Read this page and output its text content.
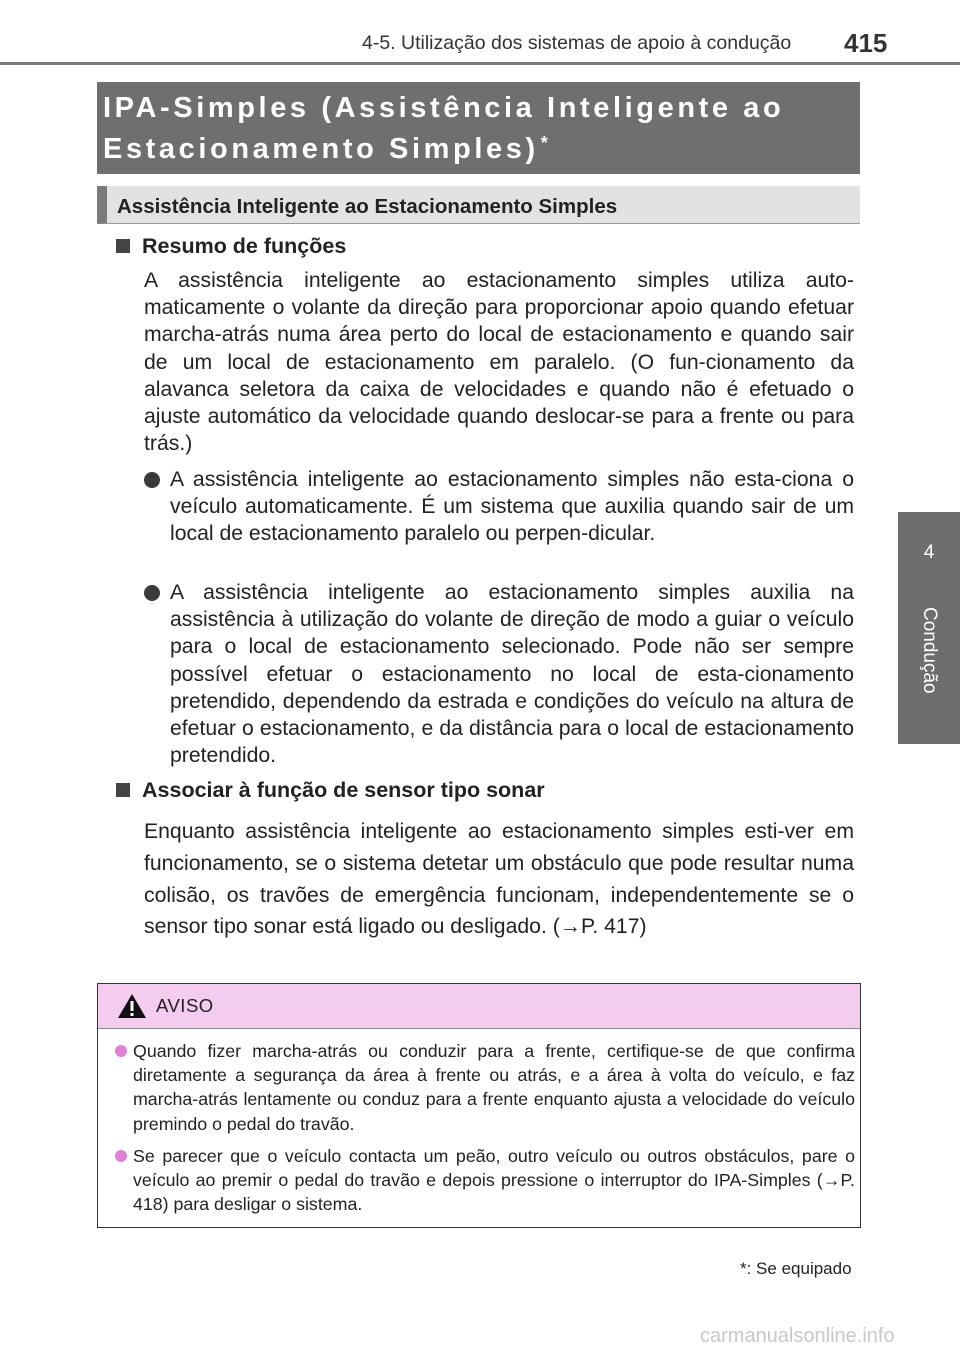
4-5. Utilização dos sistemas de apoio à condução 415
4
Condução
IPA-Simples (Assistência Inteligente ao
Estacionamento Simples) *
Assistência Inteligente ao Estacionamento Simples
Resumo de funções
A assistência inteligente ao estacionamento simples utiliza auto-maticamente o volante da direção para proporcionar apoio quando efetuar marcha-atrás numa área perto do local de estacionamento e quando sair de um local de estacionamento em paralelo. (O fun-cionamento da alavanca seletora da caixa de velocidades e quando não é efetuado o ajuste automático da velocidade quando deslocar-se para a frente ou para trás.)
A assistência inteligente ao estacionamento simples não esta-ciona o veículo automaticamente. É um sistema que auxilia quando sair de um local de estacionamento paralelo ou perpen-dicular.
A assistência inteligente ao estacionamento simples auxilia na assistência à utilização do volante de direção de modo a guiar o veículo para o local de estacionamento selecionado. Pode não ser sempre possível efetuar o estacionamento no local de esta-cionamento pretendido, dependendo da estrada e condições do veículo na altura de efetuar o estacionamento, e da distância para o local de estacionamento pretendido.
Associar à função de sensor tipo sonar
Enquanto assistência inteligente ao estacionamento simples esti-ver em funcionamento, se o sistema detetar um obstáculo que pode resultar numa colisão, os travões de emergência funcionam, independentemente se o sensor tipo sonar está ligado ou desligado. (→P. 417)
AVISO
Quando fizer marcha-atrás ou conduzir para a frente, certifique-se de que confirma diretamente a segurança da área à frente ou atrás, e a área à volta do veículo, e faz marcha-atrás lentamente ou conduz para a frente enquanto ajusta a velocidade do veículo premindo o pedal do travão.
Se parecer que o veículo contacta um peão, outro veículo ou outros obstáculos, pare o veículo ao premir o pedal do travão e depois pressione o interruptor do IPA-Simples (→P. 418) para desligar o sistema.
*: Se equipado
carmanualsonline.info
